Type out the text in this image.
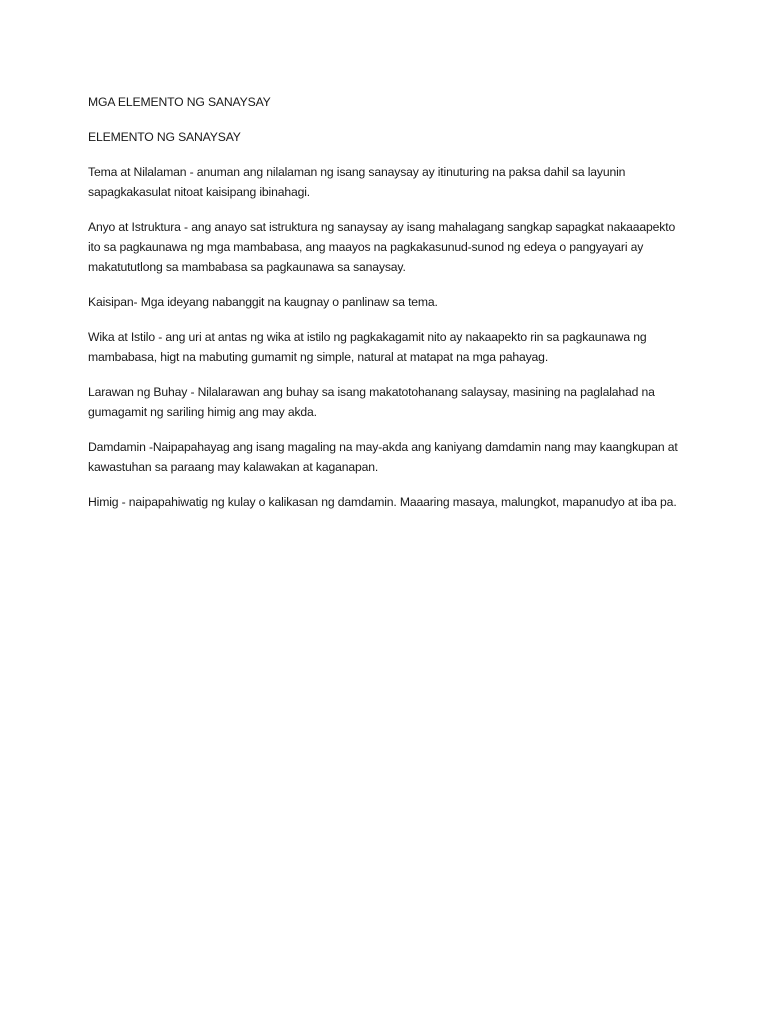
MGA ELEMENTO NG SANAYSAY

ELEMENTO NG SANAYSAY

Tema at Nilalaman - anuman ang nilalaman ng isang sanaysay ay itinuturing na paksa dahil sa layunin sapagkakasulat nitoat kaisipang ibinahagi.

Anyo at Istruktura - ang anayo sat istruktura ng sanaysay ay isang mahalagang sangkap sapagkat nakaaapekto ito sa pagkaunawa ng mga mambabasa, ang maayos na pagkakasunud-sunod ng edeya o pangyayari ay makatututlong sa mambabasa sa pagkaunawa sa sanaysay.

Kaisipan- Mga ideyang nabanggit na kaugnay o panlinaw sa tema.

Wika at Istilo - ang uri at antas ng wika at istilo ng pagkakagamit nito ay nakaapekto rin sa pagkaunawa ng mambabasa, higt na mabuting gumamit ng simple, natural at matapat na mga pahayag.

Larawan ng Buhay - Nilalarawan ang buhay sa isang makatotohanang salaysay, masining na paglalahad na gumagamit ng sariling himig ang may akda.

Damdamin -Naipapahayag ang isang magaling na may-akda ang kaniyang damdamin nang may kaangkupan at kawastuhan sa paraang may kalawakan at kaganapan.

Himig - naipapahiwatig ng kulay o kalikasan ng damdamin. Maaaring masaya, malungkot, mapanudyo at iba pa.
